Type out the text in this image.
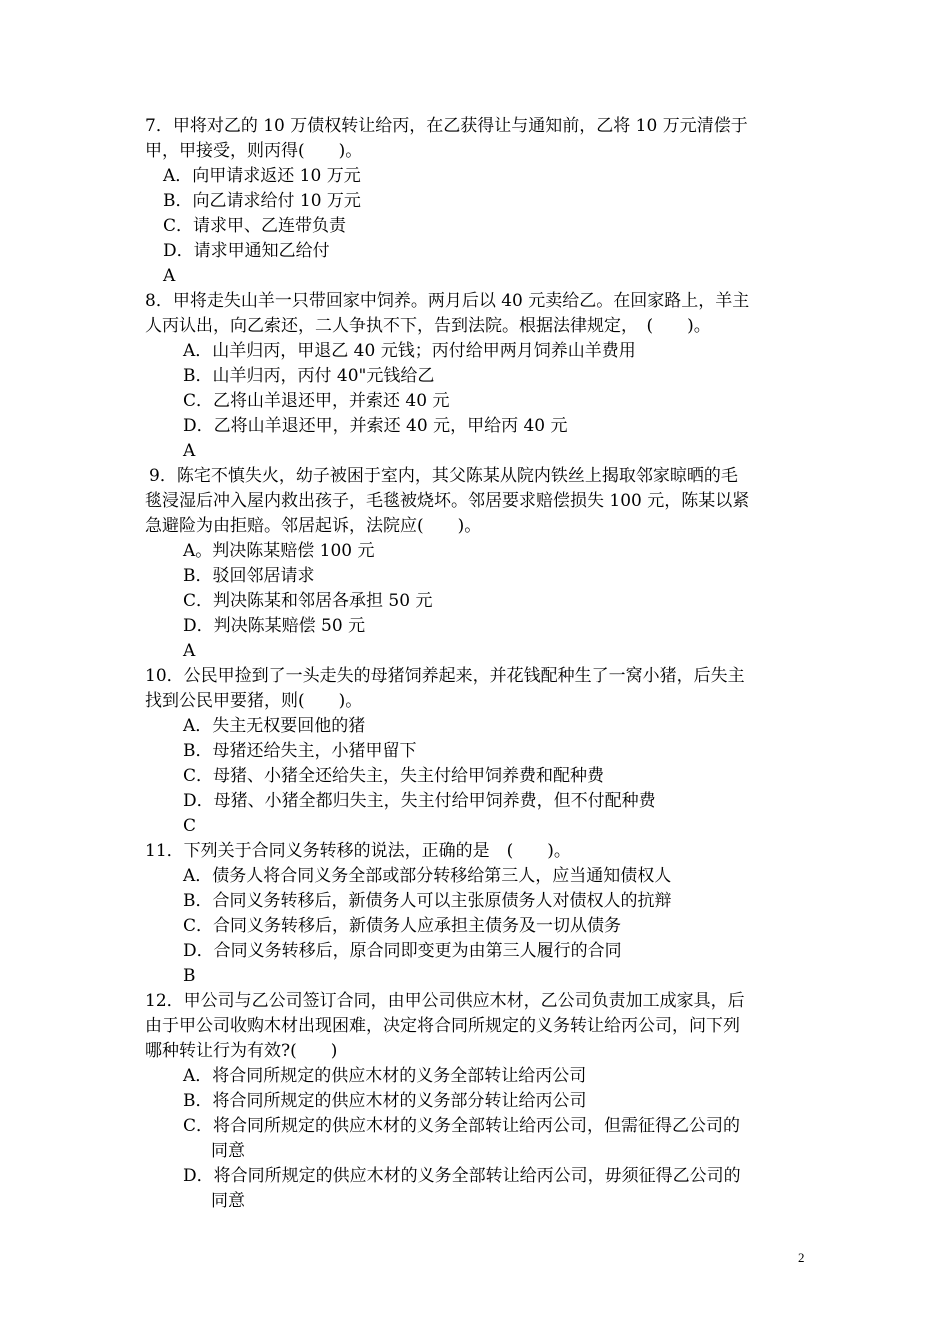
7．甲将对乙的 10 万债权转让给丙，在乙获得让与通知前，乙将 10 万元清偿于
甲，甲接受，则丙得(　　)。
A．向甲请求返还 10 万元
B．向乙请求给付 10 万元
C．请求甲、乙连带负责
D．请求甲通知乙给付
A
8．甲将走失山羊一只带回家中饲养。两月后以 40 元卖给乙。在回家路上，羊主
人丙认出，向乙索还，二人争执不下，告到法院。根据法律规定，　(　　)。
A．山羊归丙，甲退乙 40 元钱；丙付给甲两月饲养山羊费用
B．山羊归丙，丙付 40"元钱给乙
C．乙将山羊退还甲，并索还 40 元
D．乙将山羊退还甲，并索还 40 元，甲给丙 40 元
A
9．陈宅不慎失火，幼子被困于室内，其父陈某从院内铁丝上揭取邻家晾晒的毛
毯浸湿后冲入屋内救出孩子，毛毯被烧坏。邻居要求赔偿损失 100 元，陈某以紧
急避险为由拒赔。邻居起诉，法院应(　　)。
A。判决陈某赔偿 100 元
B．驳回邻居请求
C．判决陈某和邻居各承担 50 元
D．判决陈某赔偿 50 元
A
10．公民甲捡到了一头走失的母猪饲养起来，并花钱配种生了一窝小猪，后失主
找到公民甲要猪，则(　　)。
A．失主无权要回他的猪
B．母猪还给失主，小猪甲留下
C．母猪、小猪全还给失主，失主付给甲饲养费和配种费
D．母猪、小猪全都归失主，失主付给甲饲养费，但不付配种费
C
11．下列关于合同义务转移的说法，正确的是　(　　)。
A．债务人将合同义务全部或部分转移给第三人，应当通知债权人
B．合同义务转移后，新债务人可以主张原债务人对债权人的抗辩
C．合同义务转移后，新债务人应承担主债务及一切从债务
D．合同义务转移后，原合同即变更为由第三人履行的合同
B
12．甲公司与乙公司签订合同，由甲公司供应木材，乙公司负责加工成家具，后
由于甲公司收购木材出现困难，决定将合同所规定的义务转让给丙公司，问下列
哪种转让行为有效?(　　)
A．将合同所规定的供应木材的义务全部转让给丙公司
B．将合同所规定的供应木材的义务部分转让给丙公司
C．将合同所规定的供应木材的义务全部转让给丙公司，但需征得乙公司的
同意
D．将合同所规定的供应木材的义务全部转让给丙公司，毋须征得乙公司的
同意
2
